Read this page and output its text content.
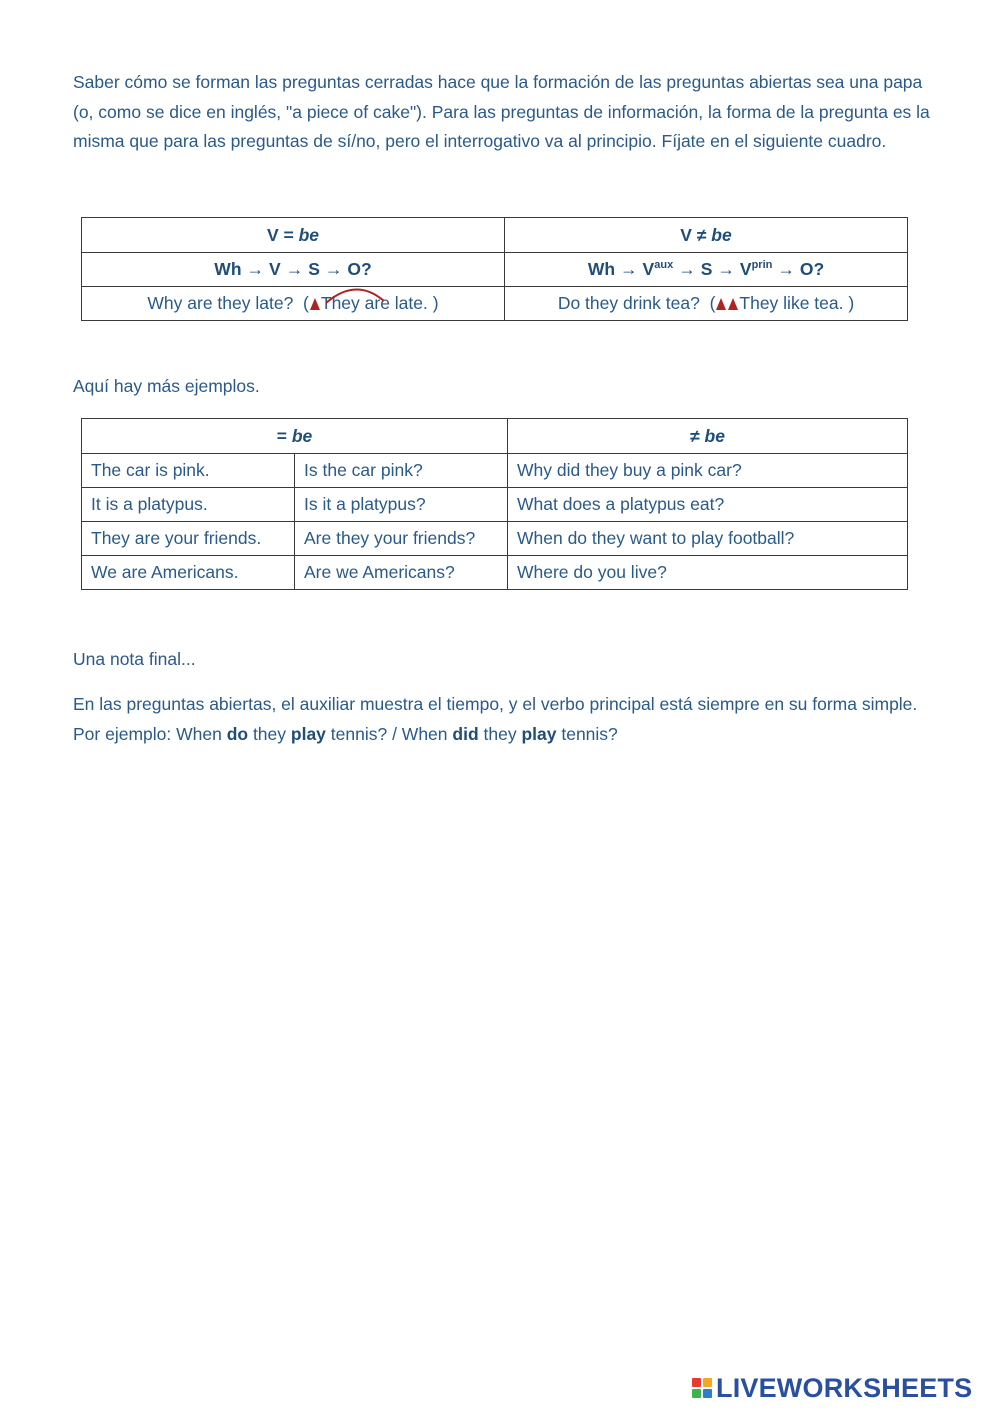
Saber cómo se forman las preguntas cerradas hace que la formación de las preguntas abiertas sea una papa (o, como se dice en inglés, "a piece of cake"). Para las preguntas de información, la forma de la pregunta es la misma que para las preguntas de sí/no, pero el interrogativo va al principio. Fíjate en el siguiente cuadro.
V = be	V ≠ be
Wh → V → S → O?	$Wh \to V^{aux} \to S \to V^{prin} \to O$?
Why are they late? ( They are late. )	Do they drink tea? ( They like tea. )
Aquí hay más ejemplos.
= be		≠ be
The car is pink.	Is the car pink?	Why did they buy a pink car?
It is a platypus.	Is it a platypus?	What does a platypus eat?
They are your friends.	Are they your friends?	When do they want to play football?
We are Americans.	Are we Americans?	Where do you live?
Una nota final...
En las preguntas abiertas, el auxiliar muestra el tiempo, y el verbo principal está siempre en su forma simple. Por ejemplo: When do they play tennis? / When did they play tennis?
LIVEWORKSHEETS
